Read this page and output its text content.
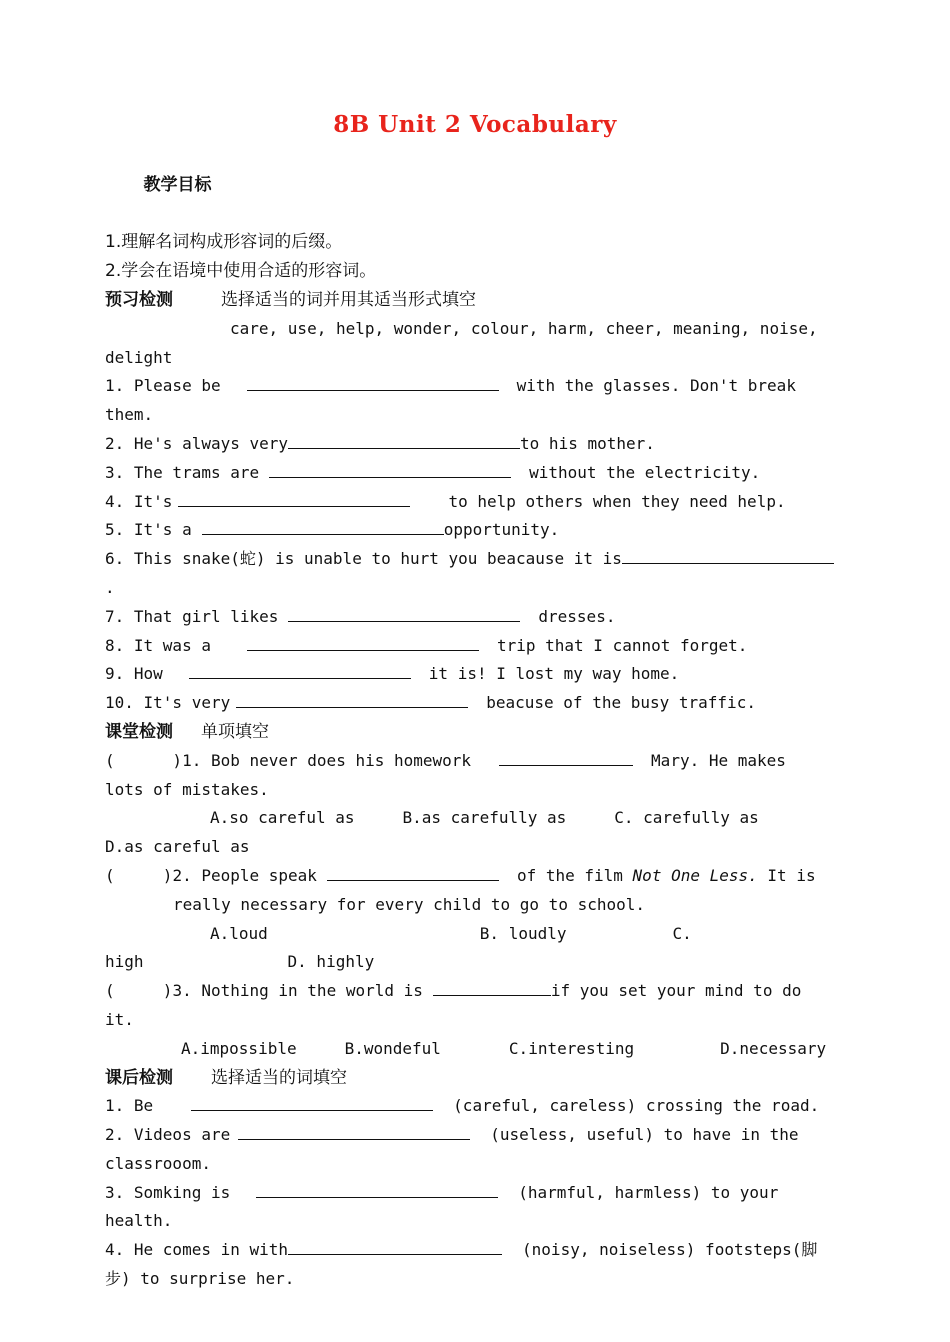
8B Unit 2 Vocabulary

教学目标

1.理解名词构成形容词的后缀。
2.学会在语境中使用合适的形容词。
预习检测	选择适当的词并用其适当形式填空
care, use, help, wonder, colour, harm, cheer, meaning, noise,
delight
1. Please be	with the glasses. Don't break
them.
2. He's always very	to his mother.
3. The trams are	without the electricity.
4. It's	to help others when they need help.
5. It's a	opportunity.
6. This snake(蛇) is unable to hurt you beacause it is
.
7. That girl likes	dresses.
8. It was a	trip that I cannot forget.
9. How	it is! I lost my way home.
10. It's very	beacuse of the busy traffic.
课堂检测 单项填空
(      )1. Bob never does his homework	Mary. He makes
lots of mistakes.
A.so careful as	B.as carefully as	C. carefully as
D.as careful as
(     )2. People speak	of the film Not One Less. It is
really necessary for every child to go to school.
A.loud	B. loudly	C.
high	D. highly
(     )3. Nothing in the world is	if you set your mind to do
it.
A.impossible	B.wondeful	C.interesting	D.necessary
课后检测 选择适当的词填空
1. Be	(careful, careless) crossing the road.
2. Videos are	(useless, useful) to have in the
classrooom.
3. Somking is	(harmful, harmless) to your
health.
4. He comes in with	(noisy, noiseless) footsteps(脚
步) to surprise her.
